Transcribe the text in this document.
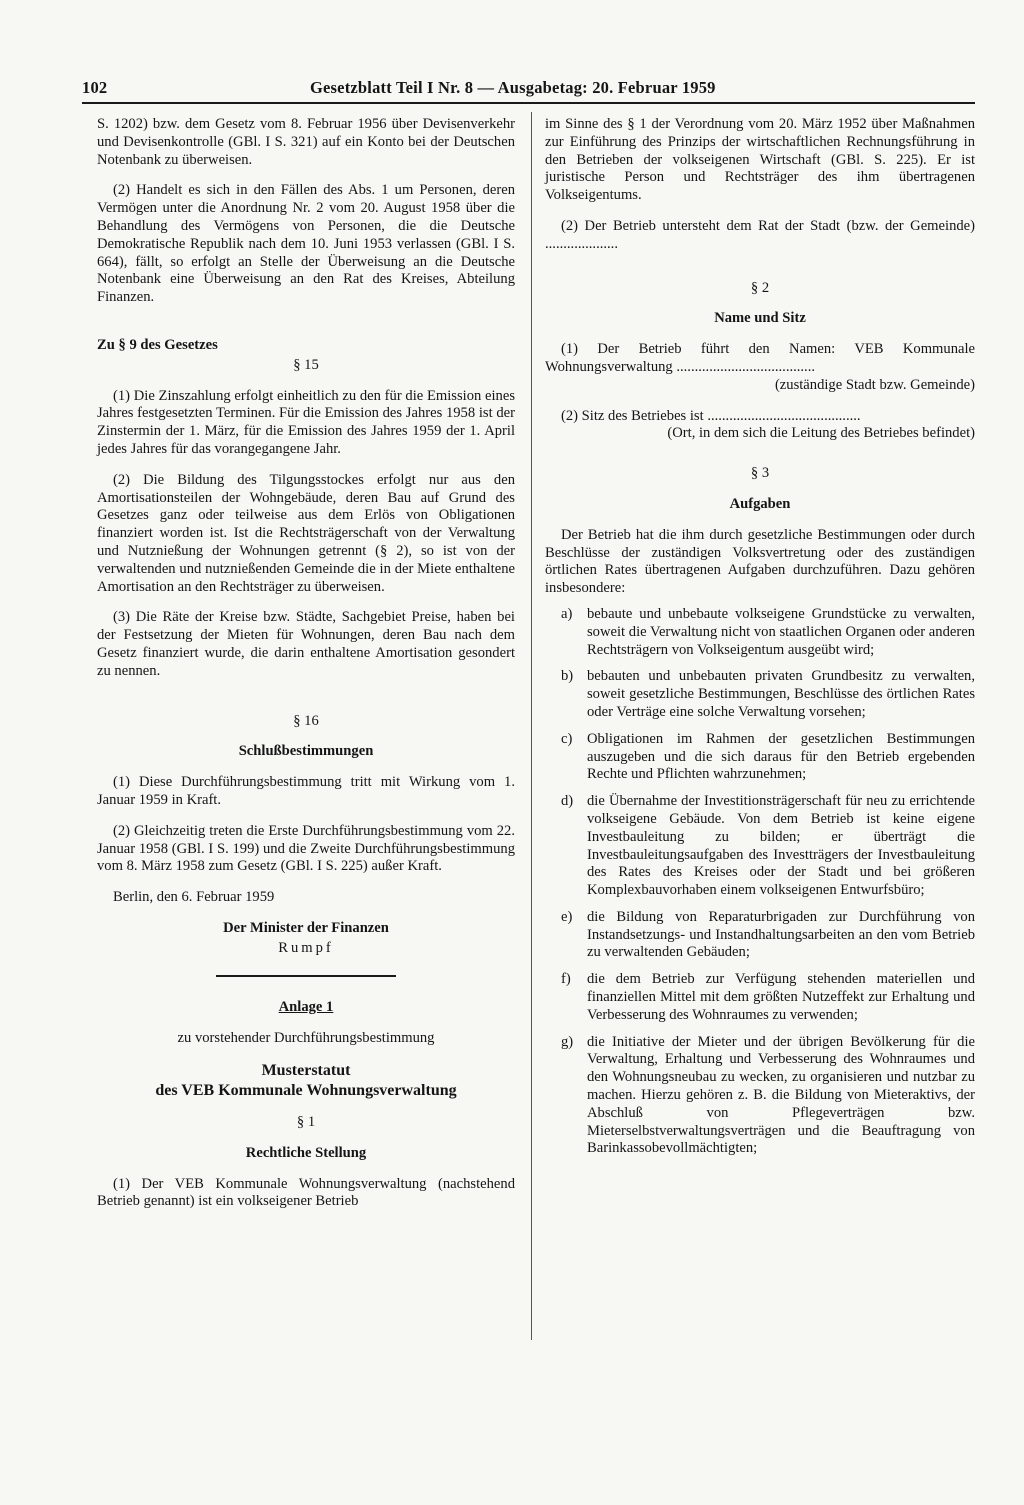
102	Gesetzblatt Teil I Nr. 8 — Ausgabetag: 20. Februar 1959

S. 1202) bzw. dem Gesetz vom 8. Februar 1956 über Devisenverkehr und Devisenkontrolle (GBl. I S. 321) auf ein Konto bei der Deutschen Notenbank zu überweisen.

(2) Handelt es sich in den Fällen des Abs. 1 um Personen, deren Vermögen unter die Anordnung Nr. 2 vom 20. August 1958 über die Behandlung des Vermögens von Personen, die die Deutsche Demokratische Republik nach dem 10. Juni 1953 verlassen (GBl. I S. 664), fällt, so erfolgt an Stelle der Überweisung an die Deutsche Notenbank eine Überweisung an den Rat des Kreises, Abteilung Finanzen.

Zu § 9 des Gesetzes

§ 15

(1) Die Zinszahlung erfolgt einheitlich zu den für die Emission eines Jahres festgesetzten Terminen. Für die Emission des Jahres 1958 ist der Zinstermin der 1. März, für die Emission des Jahres 1959 der 1. April jedes Jahres für das vorangegangene Jahr.

(2) Die Bildung des Tilgungsstockes erfolgt nur aus den Amortisationsteilen der Wohngebäude, deren Bau auf Grund des Gesetzes ganz oder teilweise aus dem Erlös von Obligationen finanziert worden ist. Ist die Rechtsträgerschaft von der Verwaltung und Nutznießung der Wohnungen getrennt (§ 2), so ist von der verwaltenden und nutznießenden Gemeinde die in der Miete enthaltene Amortisation an den Rechtsträger zu überweisen.

(3) Die Räte der Kreise bzw. Städte, Sachgebiet Preise, haben bei der Festsetzung der Mieten für Wohnungen, deren Bau nach dem Gesetz finanziert wurde, die darin enthaltene Amortisation gesondert zu nennen.

§ 16

Schlußbestimmungen

(1) Diese Durchführungsbestimmung tritt mit Wirkung vom 1. Januar 1959 in Kraft.

(2) Gleichzeitig treten die Erste Durchführungsbestimmung vom 22. Januar 1958 (GBl. I S. 199) und die Zweite Durchführungsbestimmung vom 8. März 1958 zum Gesetz (GBl. I S. 225) außer Kraft.

Berlin, den 6. Februar 1959

Der Minister der Finanzen

Rumpf

Anlage 1

zu vorstehender Durchführungsbestimmung

Musterstatut

des VEB Kommunale Wohnungsverwaltung

§ 1

Rechtliche Stellung

(1) Der VEB Kommunale Wohnungsverwaltung (nachstehend Betrieb genannt) ist ein volkseigener Betrieb

im Sinne des § 1 der Verordnung vom 20. März 1952 über Maßnahmen zur Einführung des Prinzips der wirtschaftlichen Rechnungsführung in den Betrieben der volkseigenen Wirtschaft (GBl. S. 225). Er ist juristische Person und Rechtsträger des ihm übertragenen Volkseigentums.

(2) Der Betrieb untersteht dem Rat der Stadt (bzw. der Gemeinde) ....................

§ 2

Name und Sitz

(1) Der Betrieb führt den Namen: VEB Kommunale Wohnungsverwaltung ......................................

(zuständige Stadt bzw. Gemeinde)

(2) Sitz des Betriebes ist ..........................................

(Ort, in dem sich die Leitung des Betriebes befindet)

§ 3

Aufgaben

Der Betrieb hat die ihm durch gesetzliche Bestimmungen oder durch Beschlüsse der zuständigen Volksvertretung oder des zuständigen örtlichen Rates übertragenen Aufgaben durchzuführen. Dazu gehören insbesondere:

a)	bebaute und unbebaute volkseigene Grundstücke zu verwalten, soweit die Verwaltung nicht von staatlichen Organen oder anderen Rechtsträgern von Volkseigentum ausgeübt wird;
b) bebauten und unbebauten privaten Grundbesitz zu verwalten, soweit gesetzliche Bestimmungen, Beschlüsse des örtlichen Rates oder Verträge eine solche Verwaltung vorsehen;
c)	Obligationen im Rahmen der gesetzlichen Bestimmungen auszugeben und die sich daraus für den Betrieb ergebenden Rechte und Pflichten wahrzunehmen;
d) die Übernahme der Investitionsträgerschaft für neu zu errichtende volkseigene Gebäude. Von dem Betrieb ist keine eigene Investbauleitung zu bilden; er überträgt die Investbauleitungsaufgaben des Investträgers der Investbauleitung des Rates des Kreises oder der Stadt und bei größeren Komplexbauvorhaben einem volkseigenen Entwurfsbüro;
e)	die Bildung von Reparaturbrigaden zur Durchführung von Instandsetzungs- und Instandhaltungsarbeiten an den vom Betrieb zu verwaltenden Gebäuden;
f)	die dem Betrieb zur Verfügung stehenden materiellen und finanziellen Mittel mit dem größten Nutzeffekt zur Erhaltung und Verbesserung des Wohnraumes zu verwenden;
g) die Initiative der Mieter und der übrigen Bevölkerung für die Verwaltung, Erhaltung und Verbesserung des Wohnraumes und den Wohnungsneubau zu wecken, zu organisieren und nutzbar zu machen. Hierzu gehören z. B. die Bildung von Mieteraktivs, der Abschluß von Pflegeverträgen bzw. Mieterselbstverwaltungsverträgen und die Beauftragung von Barinkassobevollmächtigten;
